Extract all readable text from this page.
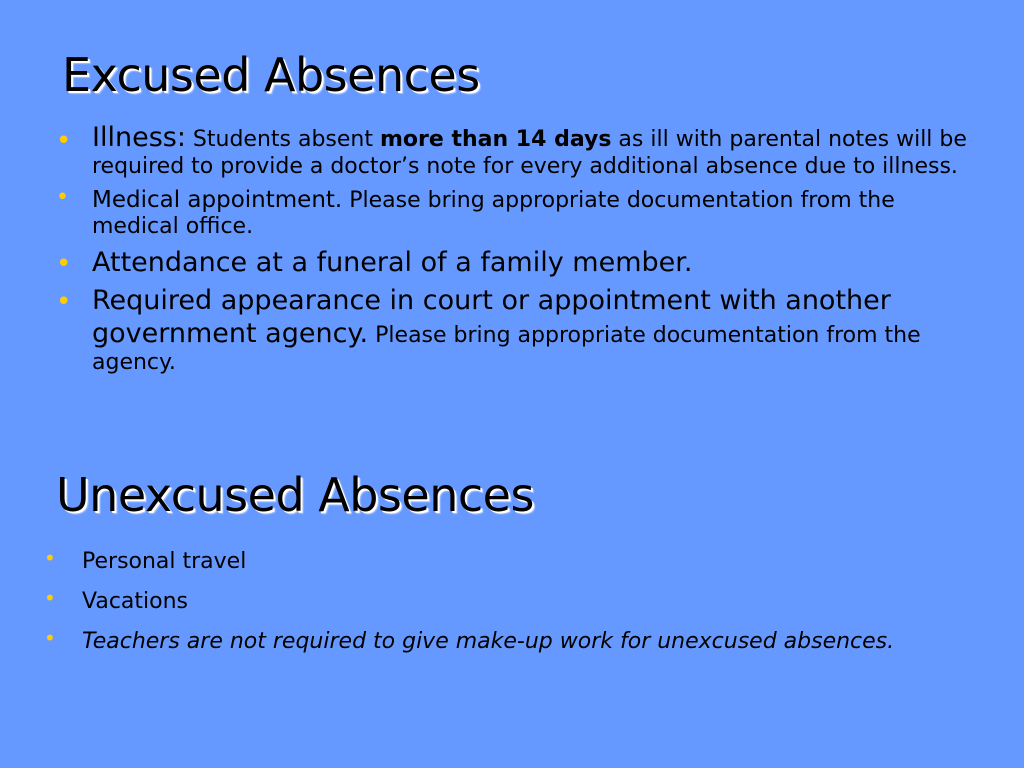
Excused Absences
• Illness: Students absent more than 14 days as ill with parental notes will be required to provide a doctor’s note for every additional absence due to illness.
• Medical appointment. Please bring appropriate documentation from the medical office.
• Attendance at a funeral of a family member.
• Required appearance in court or appointment with another government agency. Please bring appropriate documentation from the agency.
Unexcused Absences
• Personal travel
• Vacations
• Teachers are not required to give make-up work for unexcused absences.
